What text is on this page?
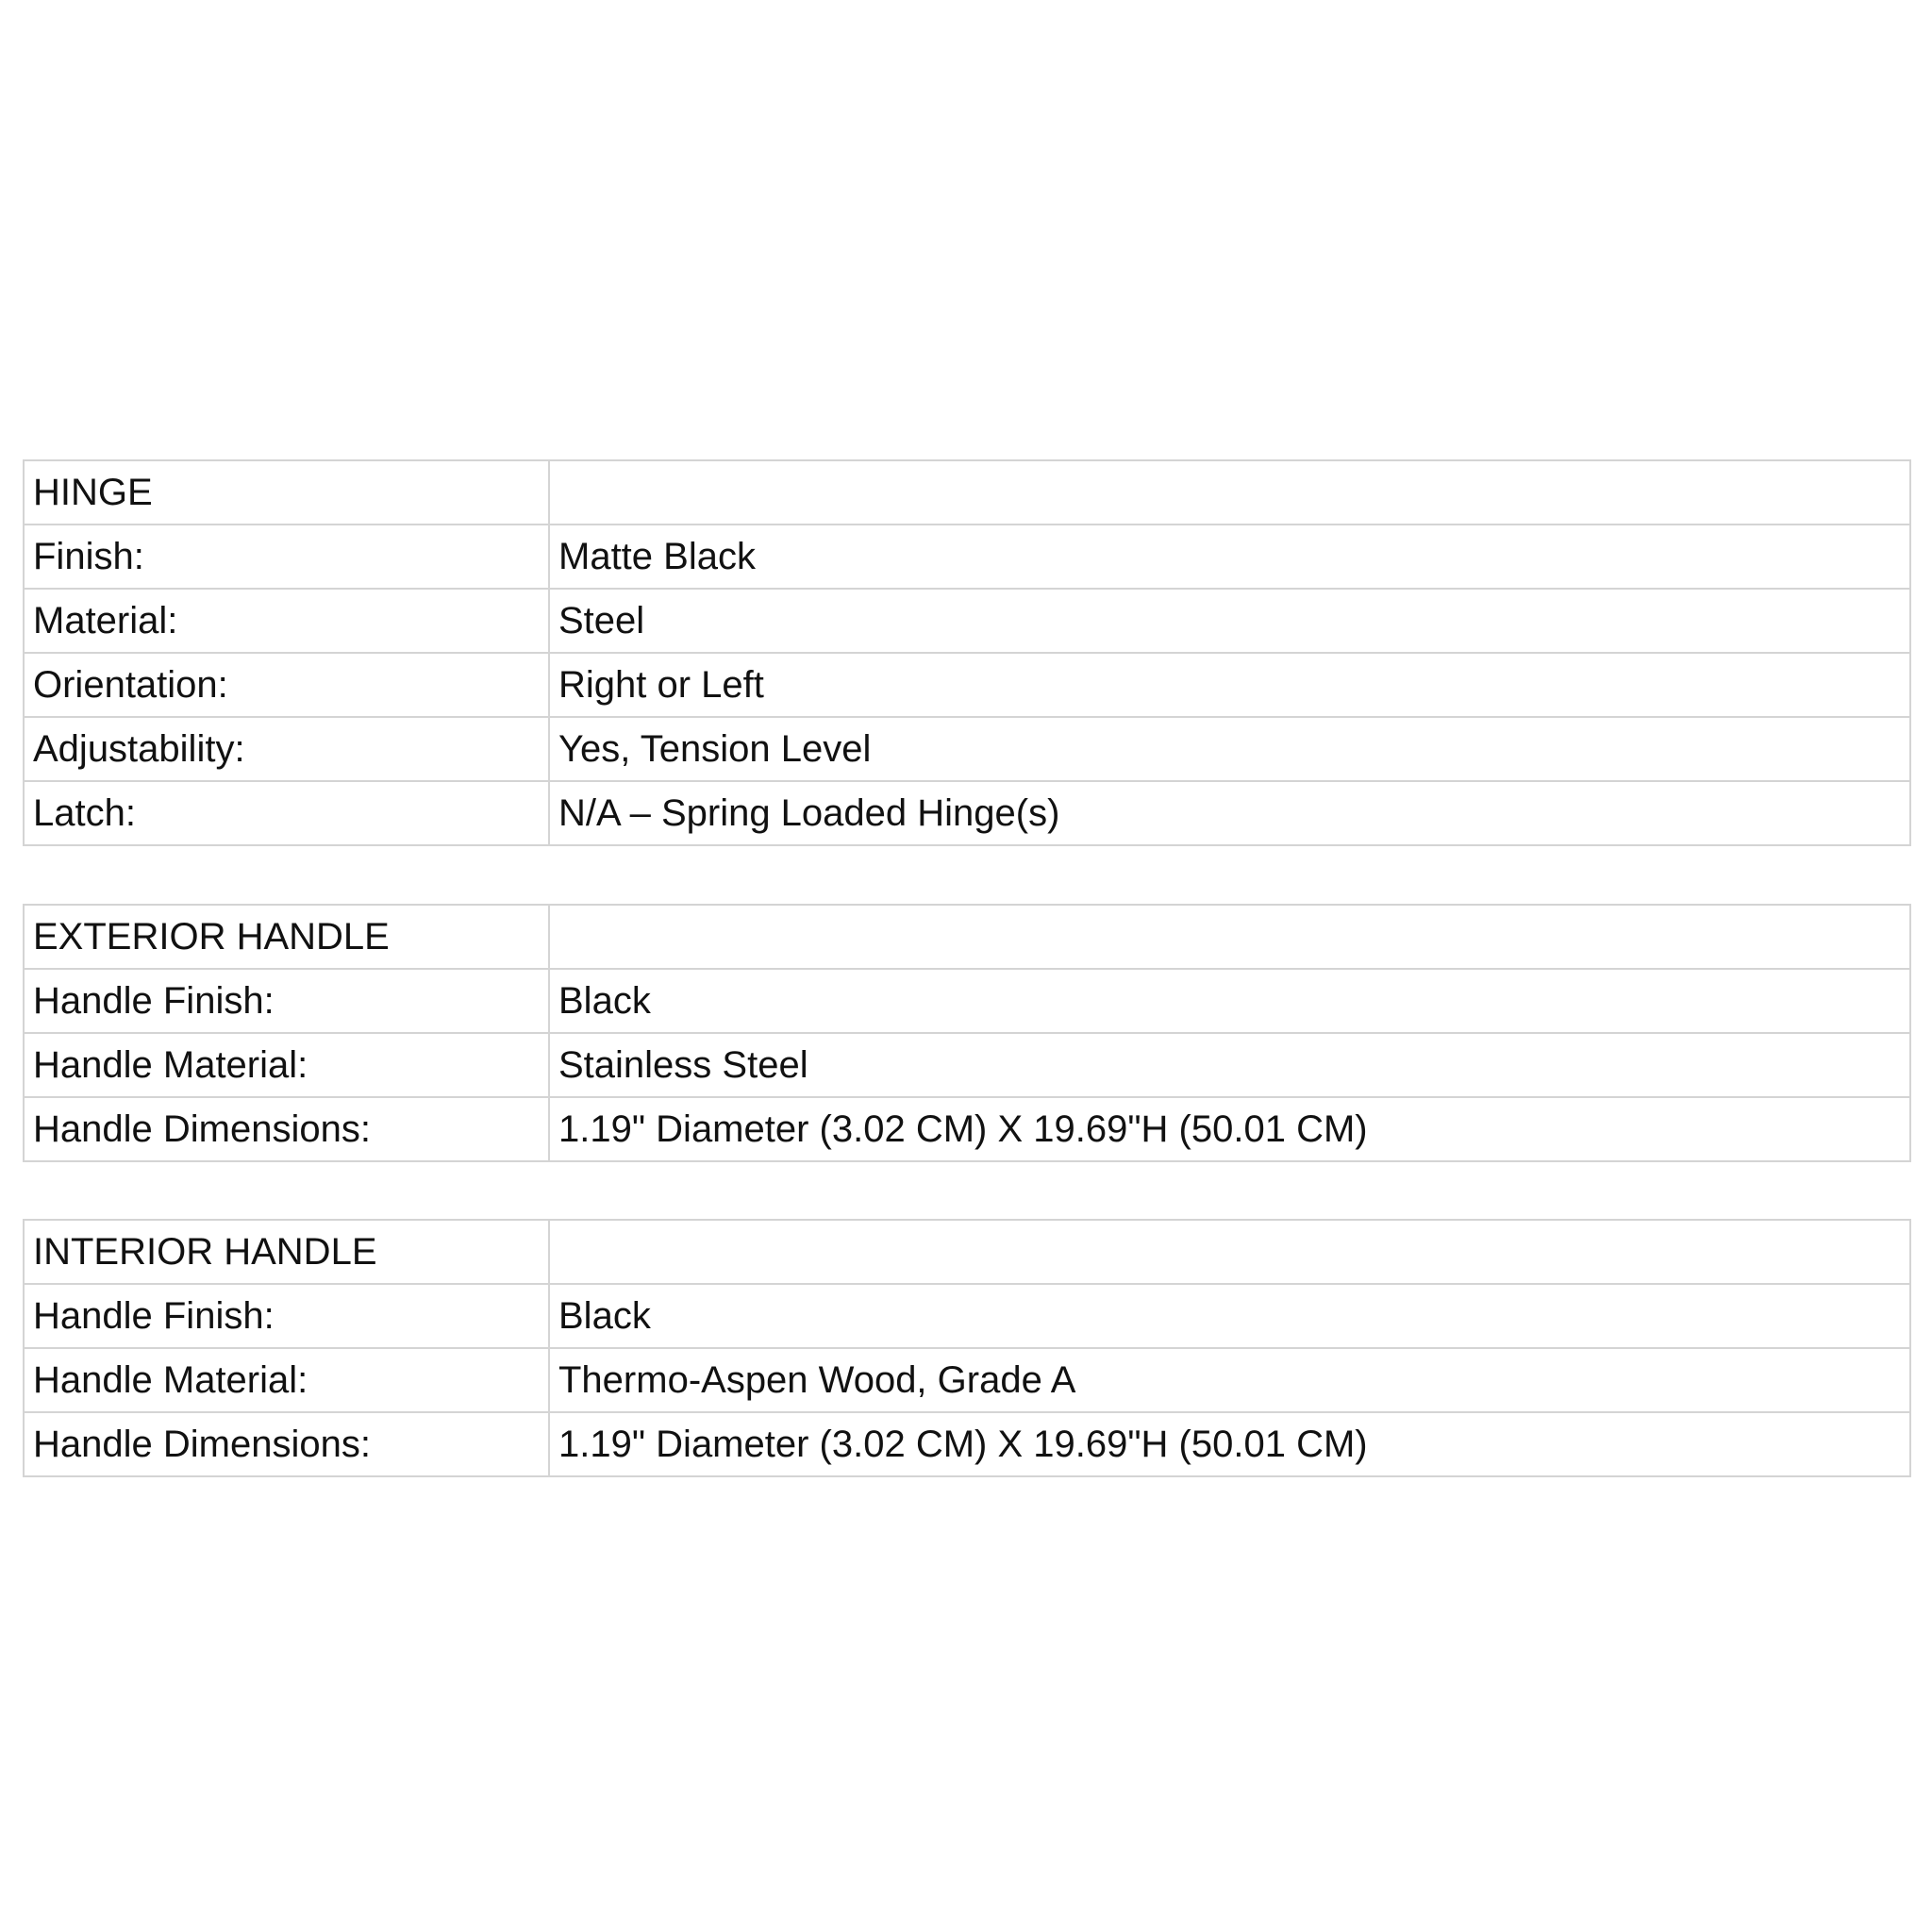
HINGE	
Finish:	Matte Black
Material:	Steel
Orientation:	Right or Left
Adjustability:	Yes, Tension Level
Latch:	N/A – Spring Loaded Hinge(s)
EXTERIOR HANDLE	
Handle Finish:	Black
Handle Material:	Stainless Steel
Handle Dimensions:	1.19" Diameter (3.02 CM) X 19.69"H (50.01 CM)
INTERIOR HANDLE	
Handle Finish:	Black
Handle Material:	Thermo-Aspen Wood, Grade A
Handle Dimensions:	1.19" Diameter (3.02 CM) X 19.69"H (50.01 CM)
